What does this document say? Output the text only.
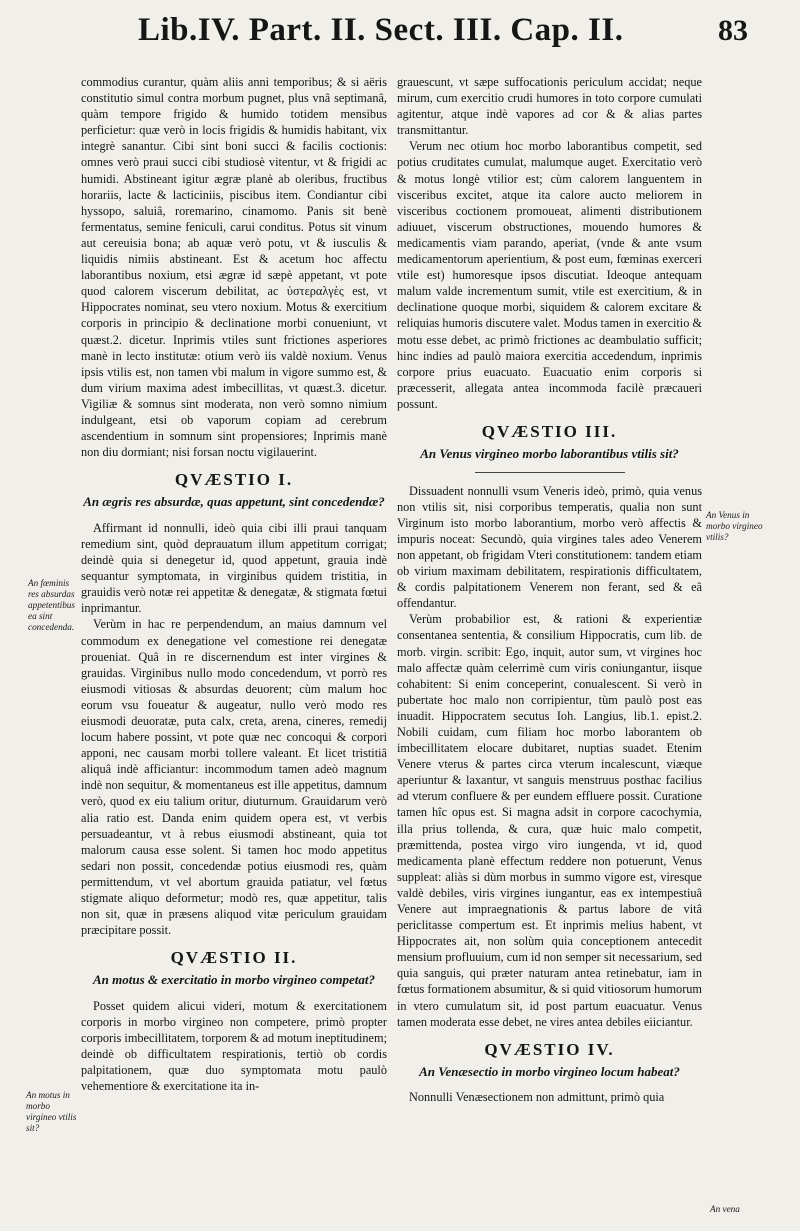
Lib.IV. Part. II. Sect. III. Cap. II.	83

commodius curantur, quàm aliis anni temporibus; & si aëris constitutio simul contra morbum pugnet, plus vnâ septimanâ, quàm tempore frigido & humido totidem mensibus perficietur: quæ verò in locis frigidis & humidis habitant, vix integrè sanantur. Cibi sint boni succi & facilis coctionis: omnes verò praui succi cibi studiosè vitentur, vt & frigidi ac humidi. Abstineant igitur ægræ planè ab oleribus, fructibus horariis, lacte & lacticiniis, piscibus item. Condiantur cibi hyssopo, saluiâ, roremarino, cinamomo. Panis sit benè fermentatus, semine feniculi, carui conditus. Potus sit vinum aut cereuisia bona; ab aquæ verò potu, vt & iusculis & liquidis nimiis abstineant. Est & acetum hoc affectu laborantibus noxium, etsi ægræ id sæpè appetant, vt pote quod calorem viscerum debilitat, ac ὑστεραλγὲς est, vt Hippocrates nominat, seu vtero noxium. Motus & exercitium corporis in principio & declinatione morbi conueniunt, vt quæst.2. dicetur. Inprimis vtiles sunt frictiones asperiores manè in lecto institutæ: otium verò iis valdè noxium. Venus ipsis vtilis est, non tamen vbi malum in vigore summo est, & dum virium maxima adest imbecillitas, vt quæst.3. dicetur. Vigiliæ & somnus sint moderata, non verò somno nimium indulgeant, etsi ob vaporum copiam ad cerebrum ascendentium in somnum sint propensiores; Inprimis manè non diu dormiant; nisi forsan noctu vigilauerint.

QVÆSTIO I.
An ægris res absurdæ, quas appetunt, sint concedendæ?

Affirmant id nonnulli, ideò quia cibi illi praui tanquam remedium sint, quòd deprauatum illum appetitum corrigat; deindè quia si denegetur id, quod appetunt, grauia indè sequantur symptomata, in virginibus quidem tristitia, in grauidis verò notæ rei appetitæ & denegatæ, & stigmata fœtui inprimantur.

Verùm in hac re perpendendum, an maius damnum vel commodum ex denegatione vel comestione rei denegatæ proueniat. Quâ in re discernendum est inter virgines & grauidas. Virginibus nullo modo concedendum, vt porrò res eiusmodi vitiosas & absurdas deuorent; cùm malum hoc eorum vsu foueatur & augeatur, nullo verò modo res eiusmodi deuoratæ, puta calx, creta, arena, cineres, remedij locum habere possint, vt pote quæ nec concoqui & corpori apponi, nec causam morbi tollere valeant. Et licet tristitiâ aliquâ indè afficiantur: incommodum tamen adeò magnum indè non sequitur, & momentaneus est ille appetitus, damnum verò, quod ex eiu talium oritur, diuturnum. Grauidarum verò alia ratio est. Danda enim quidem opera est, vt verbis persuadeantur, vt à rebus eiusmodi abstineant, quia tot malorum causa esse solent. Si tamen hoc modo appetitus sedari non possit, concedendæ potius eiusmodi res, quàm permittendum, vt vel abortum grauida patiatur, vel fœtus stigmate aliquo deformetur; modò res, quæ appetitur, talis non sit, quæ in præsens aliquod vitæ periculum grauidam præcipitare possit.

QVÆSTIO II.
An motus & exercitatio in morbo virgineo competat?

Posset quidem alicui videri, motum & exercitationem corporis in morbo virgineo non competere, primò propter corporis imbecillitatem, torporem & ad motum ineptitudinem; deindè ob difficultatem respirationis, tertiò ob cordis palpitationem, quæ duo symptomata motu paulò vehementiore & exercitatione ita in-

grauescunt, vt sæpe suffocationis periculum accidat; neque mirum, cum exercitio crudi humores in toto corpore cumulati agitentur, atque indè vapores ad cor & & alias partes transmittantur.

Verum nec otium hoc morbo laborantibus competit, sed potius cruditates cumulat, malumque auget. Exercitatio verò & motus longè vtilior est; cùm calorem languentem in visceribus excitet, atque ita calore aucto meliorem in visceribus coctionem promoueat, alimenti distributionem adiuuet, viscerum obstructiones, mouendo humores & medicamentis viam parando, aperiat, (vnde & ante vsum medicamentorum aperientium, & post eum, fœminas exerceri vtile est) humoresque ipsos discutiat. Ideoque antequam malum valde incrementum sumit, vtile est exercitium, & in declinatione quoque morbi, siquidem & calorem excitare & reliquias humoris discutere valet. Modus tamen in exercitio & motu esse debet, ac primò frictiones ac deambulatio sufficit; hinc indies ad paulò maiora exercitia accedendum, inprimis corpore prius euacuato. Euacuatio enim corporis si præcesserit, allegata antea incommoda facilè præcaueri possunt.

QVÆSTIO III.
An Venus virgineo morbo laborantibus vtilis sit?

Dissuadent nonnulli vsum Veneris ideò, primò, quia venus non vtilis sit, nisi corporibus temperatis, qualia non sunt Virginum isto morbo laborantium, morbo verò affectis & impuris noceat: Secundò, quia virgines tales adeo Venerem non appetant, ob frigidam Vteri constitutionem: tandem etiam ob virium maximam debilitatem, respirationis difficultatem, & cordis palpitationem Venerem non ferant, sed & eâ offendantur.

Verùm probabilior est, & rationi & experientiæ consentanea sententia, & consilium Hippocratis, cum lib. de morb. virgin. scribit: Ego, inquit, autor sum, vt virgines hoc malo affectæ quàm celerrimè cum viris coniungantur, iisque cohabitent: Si enim conceperint, conualescent. Si verò in pubertate hoc malo non corripientur, tùm paulò post eas inuadit. Hippocratem secutus Ioh. Langius, lib.1. epist.2. Nobili cuidam, cum filiam hoc morbo laborantem ob imbecillitatem elocare dubitaret, nuptias suadet. Etenim Venere vterus & partes circa vterum incalescunt, viæque aperiuntur & laxantur, vt sanguis menstruus posthac facilius ad vterum confluere & per eundem effluere possit. Curatione tamen hîc opus est. Si magna adsit in corpore cacochymia, illa prius tollenda, & cura, quæ huic malo competit, præmittenda, postea virgo viro iungenda, vt id, quod medicamenta planè effectum reddere non potuerunt, Venus suppleat: aliàs si dùm morbus in summo vigore est, viresque valdè debiles, viris virgines iungantur, eas ex intempestiuâ Venere aut impraegnationis & partus labore de vitâ periclitasse compertum est. Et inprimis melius habent, vt Hippocrates ait, non solùm quia conceptionem antecedit mensium profluuium, cum id non semper sit necessarium, sed quia sanguis, qui præter naturam antea retinebatur, iam in fœtus formationem absumitur, & si quid vitiosorum humorum in vtero cumulatum sit, id post partum euacuatur. Venus tamen moderata esse debet, ne vires antea debiles eiiciantur.

QVÆSTIO IV.
An Venæsectio in morbo virgineo locum habeat?

Nonnulli Venæsectionem non admittunt, primò quia

An fœminis res absurdas appetentibus ea sint concedenda.
An motus in morbo virgineo vtilis sit?
An Venus in morbo virgineo vtilis?
An vena
